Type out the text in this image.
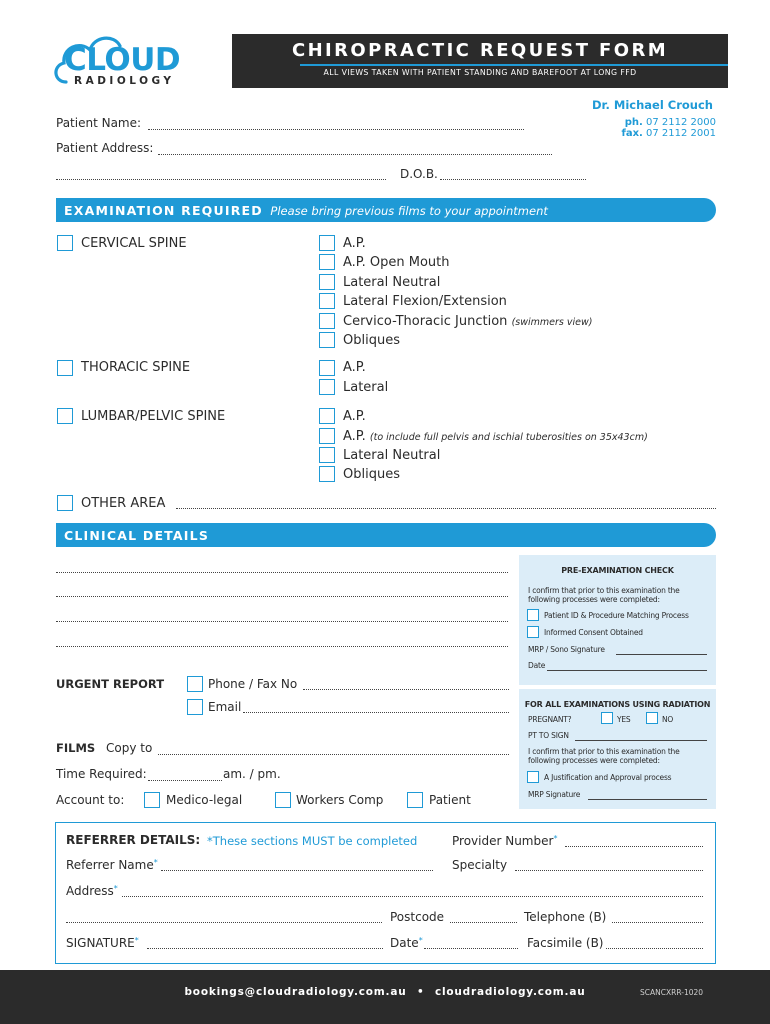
CLOUD
RADIOLOGY
CHIROPRACTIC REQUEST FORM
ALL VIEWS TAKEN WITH PATIENT STANDING AND BAREFOOT AT LONG FFD
Dr. Michael Crouch
ph. 07 2112 2000
fax. 07 2112 2001
Patient Name:
Patient Address:
D.O.B.
EXAMINATION REQUIRED Please bring previous films to your appointment
CERVICAL SPINE	A.P.
A.P. Open Mouth
Lateral Neutral
Lateral Flexion/Extension
Cervico-Thoracic Junction (swimmers view)
Obliques
THORACIC SPINE	A.P.
Lateral
LUMBAR/PELVIC SPINE	A.P.
A.P. (to include full pelvis and ischial tuberosities on 35x43cm)
Lateral Neutral
Obliques
OTHER AREA
CLINICAL DETAILS
URGENT REPORT	Phone / Fax No
Email
FILMS Copy to
Time Required:	am. / pm.
Account to:	Medico-legal	Workers Comp	Patient
PRE-EXAMINATION CHECK
I confirm that prior to this examination the
following processes were completed:
Patient ID & Procedure Matching Process
Informed Consent Obtained
MRP / Sono Signature
Date
FOR ALL EXAMINATIONS USING RADIATION
PREGNANT?	YES	NO
PT TO SIGN
I confirm that prior to this examination the
following processes were completed:
A Justification and Approval process
MRP Signature
REFERRER DETAILS: *These sections MUST be completed	Provider Number*
Referrer Name*	Specialty
Address*
Postcode	Telephone (B)
SIGNATURE*	Date*	Facsimile (B)
bookings@cloudradiology.com.au • cloudradiology.com.au	SCANCXRR-1020
